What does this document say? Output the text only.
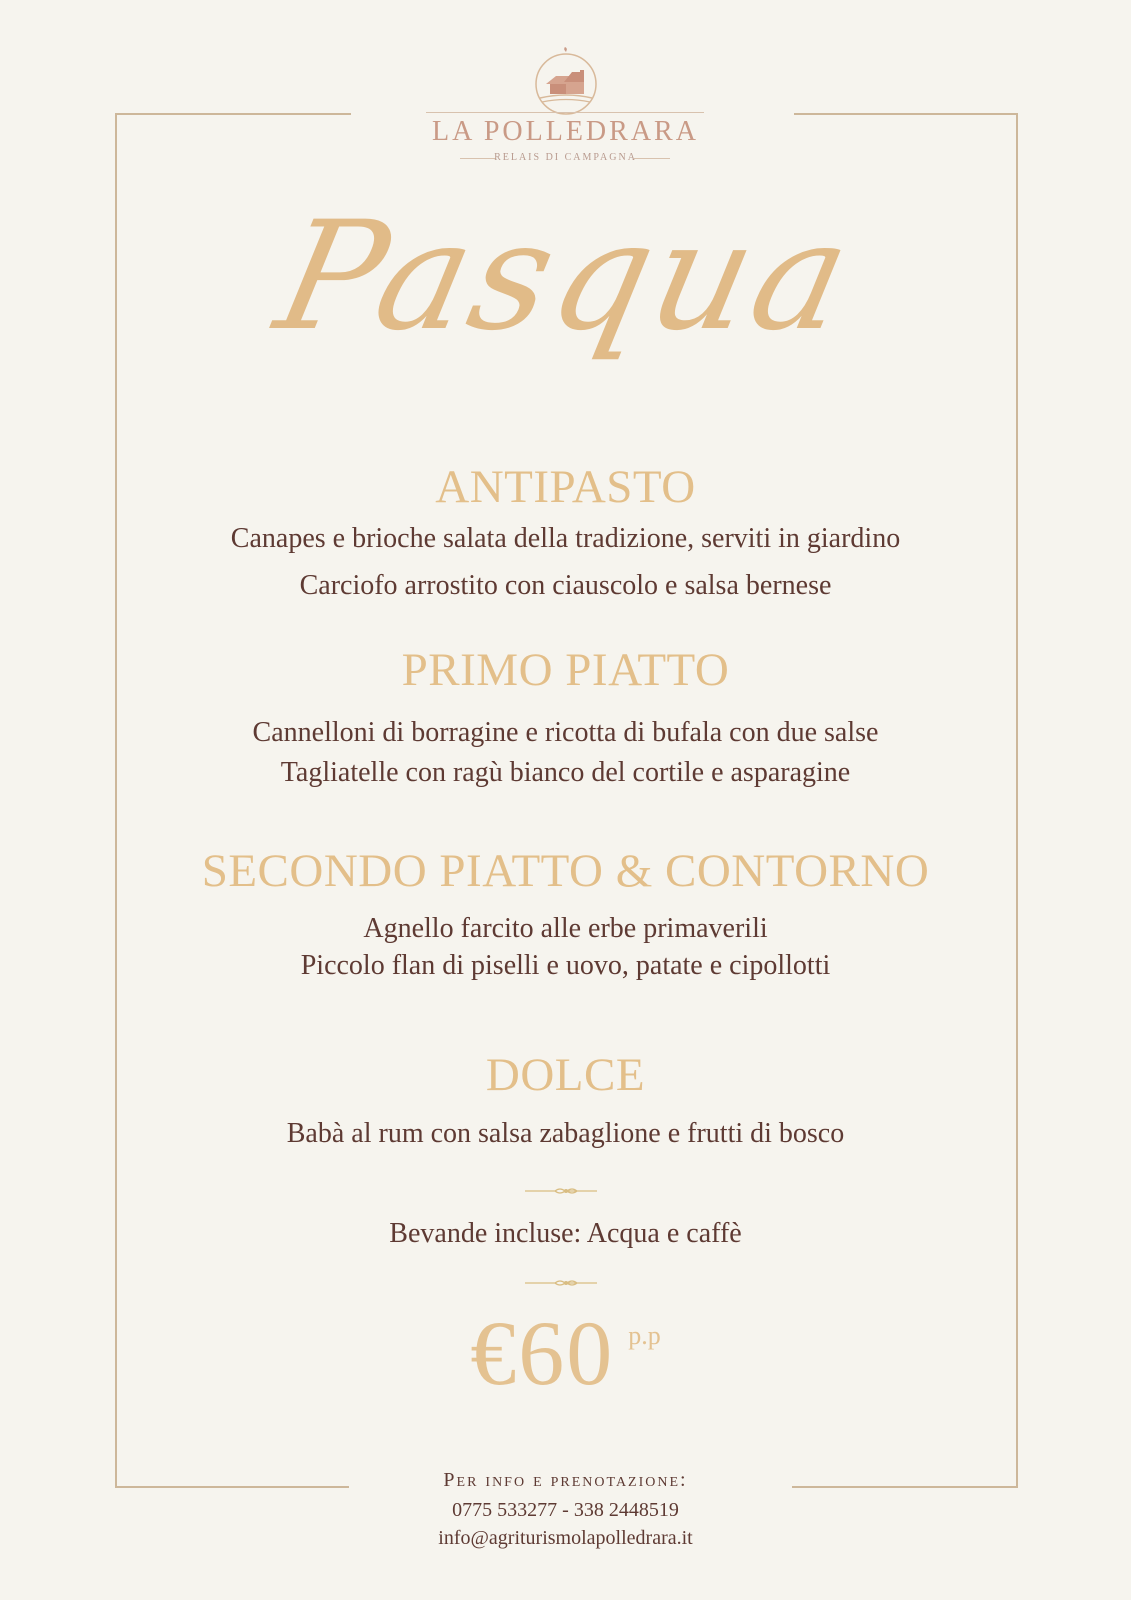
LA POLLEDRARA
RELAIS DI CAMPAGNA
Pasqua
ANTIPASTO
Canapes e brioche salata della tradizione, serviti in giardino
Carciofo arrostito con ciauscolo e salsa bernese
PRIMO PIATTO
Cannelloni di borragine e ricotta di bufala con due salse
Tagliatelle con ragù bianco del cortile e asparagine
SECONDO PIATTO & CONTORNO
Agnello farcito alle erbe primaverili
Piccolo flan di piselli e uovo, patate e cipollotti
DOLCE
Babà al rum con salsa zabaglione e frutti di bosco
Bevande incluse: Acqua e caffè
€60 p.p
Per info e prenotazione:
0775 533277 - 338 2448519
info@agriturismolapolledrara.it
